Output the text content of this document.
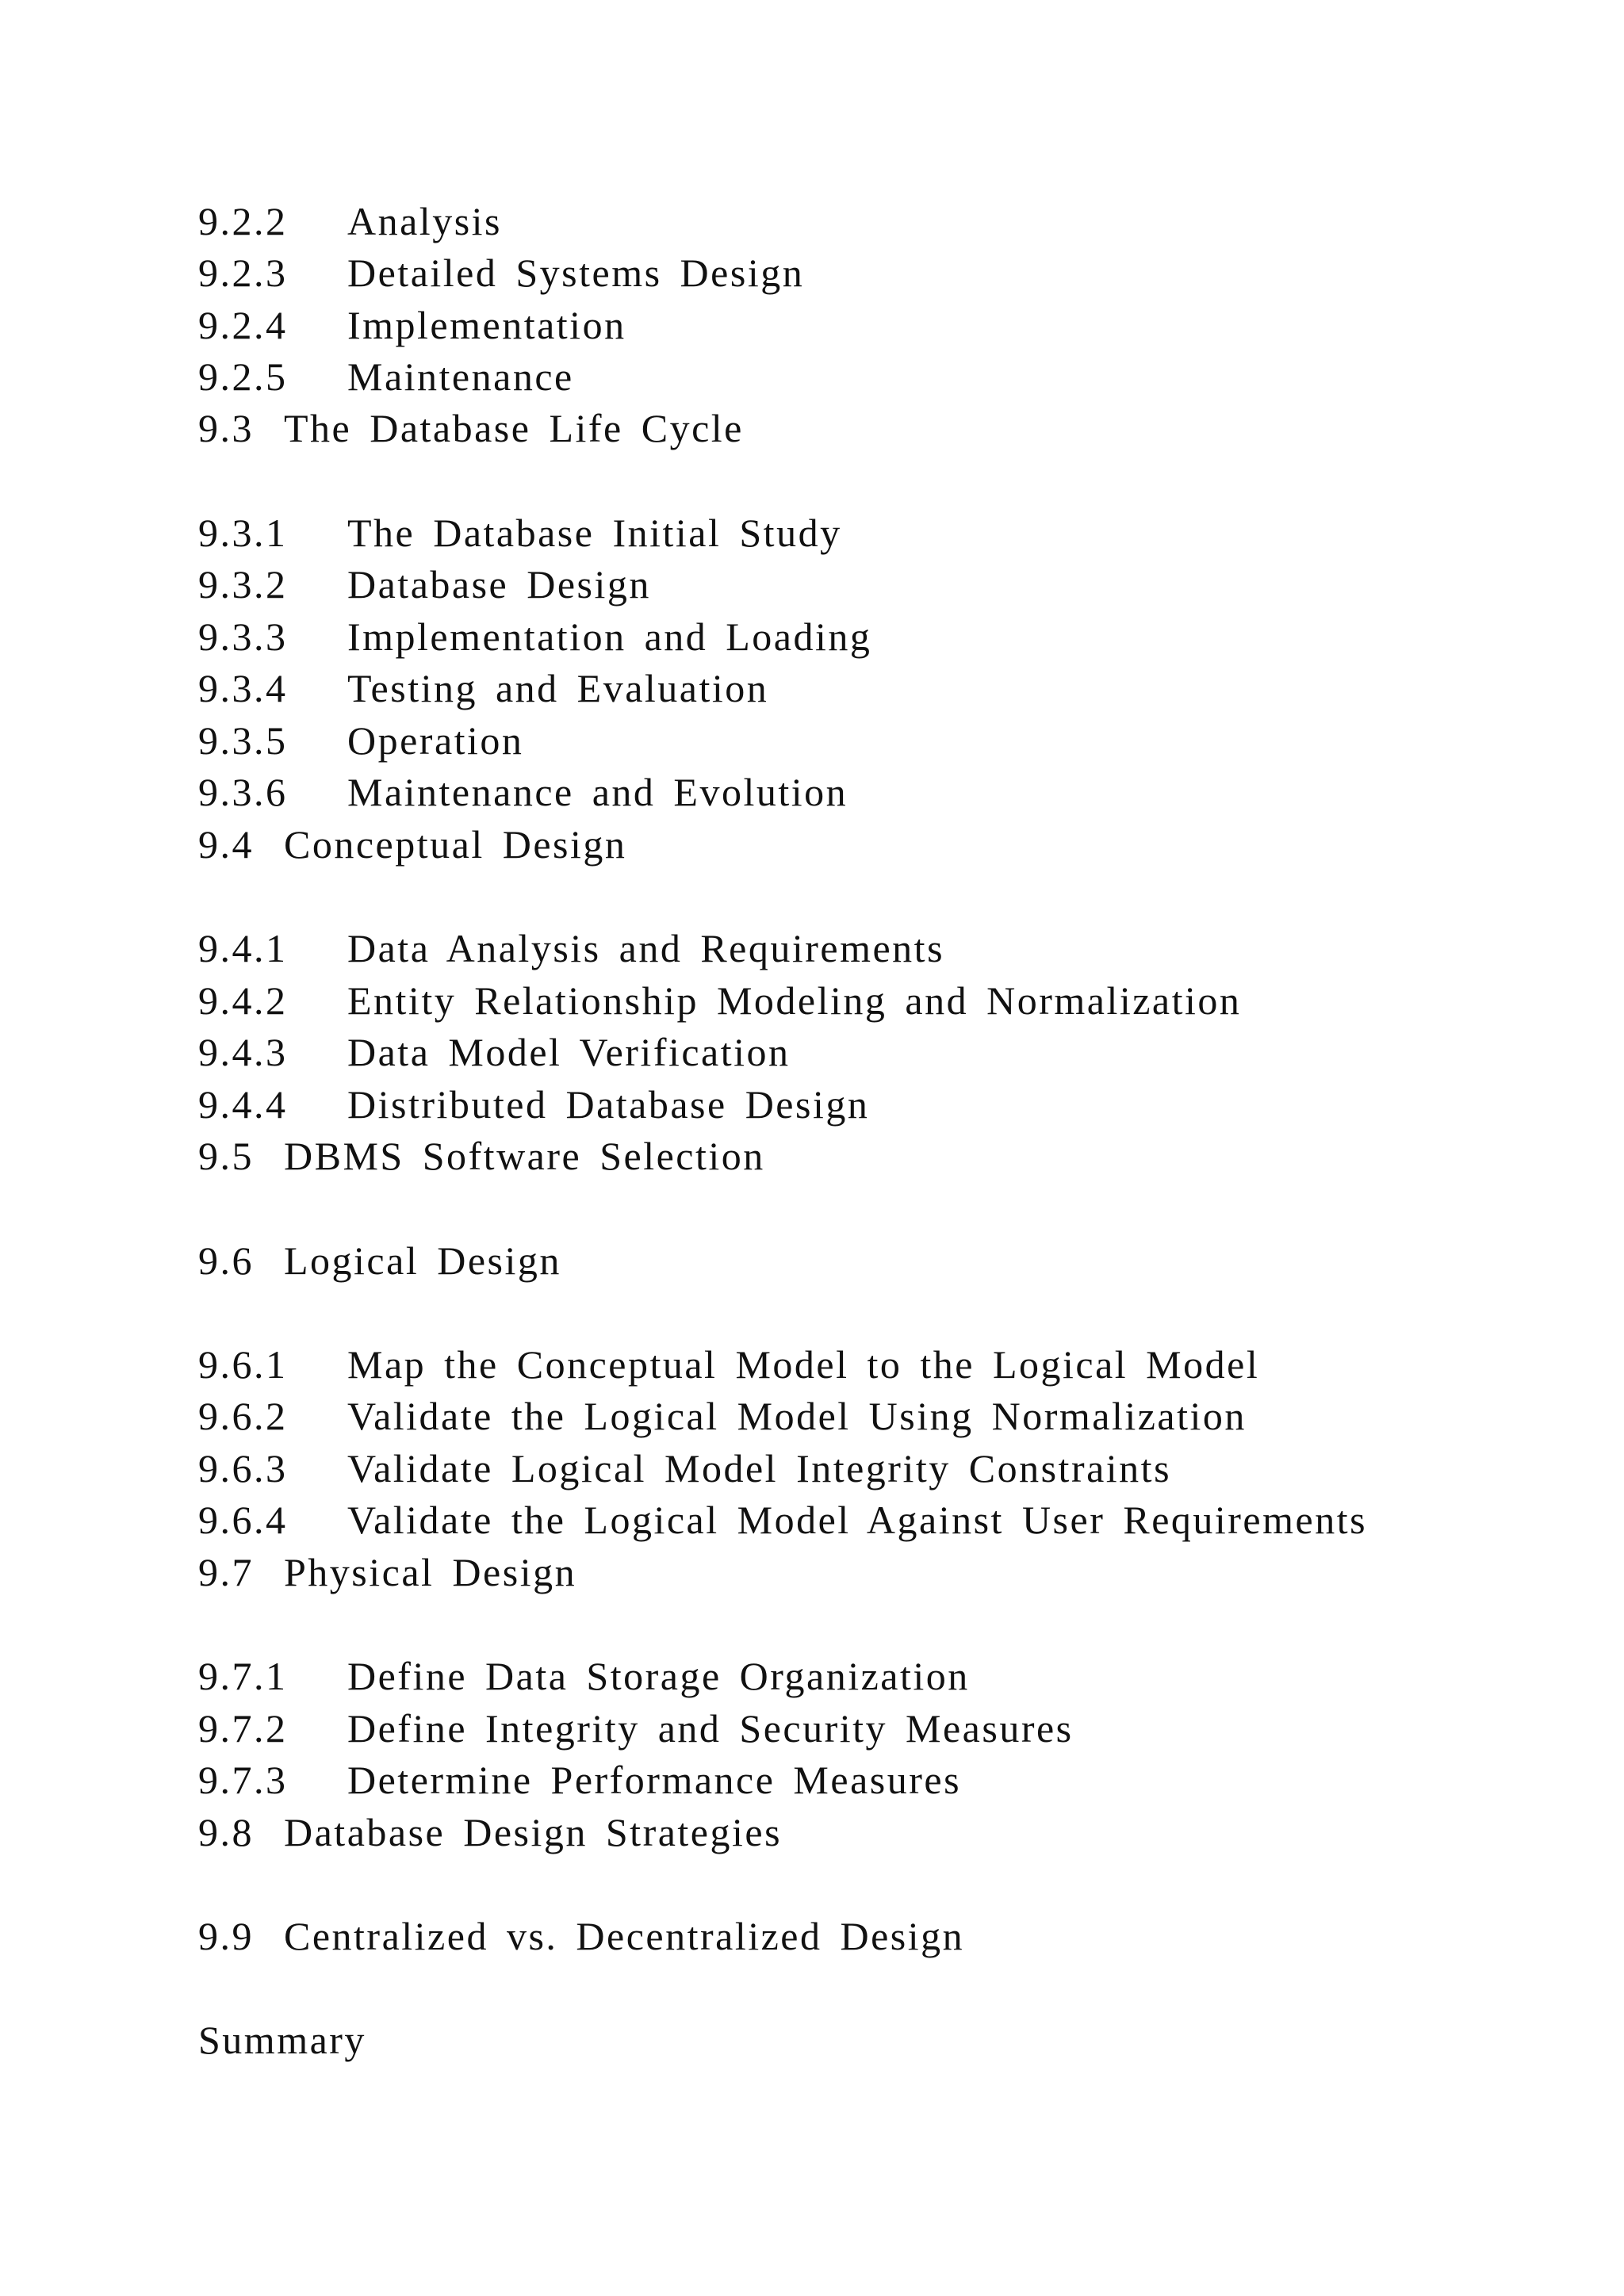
9.2.2 Analysis
9.2.3 Detailed Systems Design
9.2.4 Implementation
9.2.5 Maintenance
9.3 The Database Life Cycle
9.3.1 The Database Initial Study
9.3.2 Database Design
9.3.3 Implementation and Loading
9.3.4 Testing and Evaluation
9.3.5 Operation
9.3.6 Maintenance and Evolution
9.4 Conceptual Design
9.4.1 Data Analysis and Requirements
9.4.2 Entity Relationship Modeling and Normalization
9.4.3 Data Model Verification
9.4.4 Distributed Database Design
9.5 DBMS Software Selection
9.6 Logical Design
9.6.1 Map the Conceptual Model to the Logical Model
9.6.2 Validate the Logical Model Using Normalization
9.6.3 Validate Logical Model Integrity Constraints
9.6.4 Validate the Logical Model Against User Requirements
9.7 Physical Design
9.7.1 Define Data Storage Organization
9.7.2 Define Integrity and Security Measures
9.7.3 Determine Performance Measures
9.8 Database Design Strategies
9.9 Centralized vs. Decentralized Design
Summary
